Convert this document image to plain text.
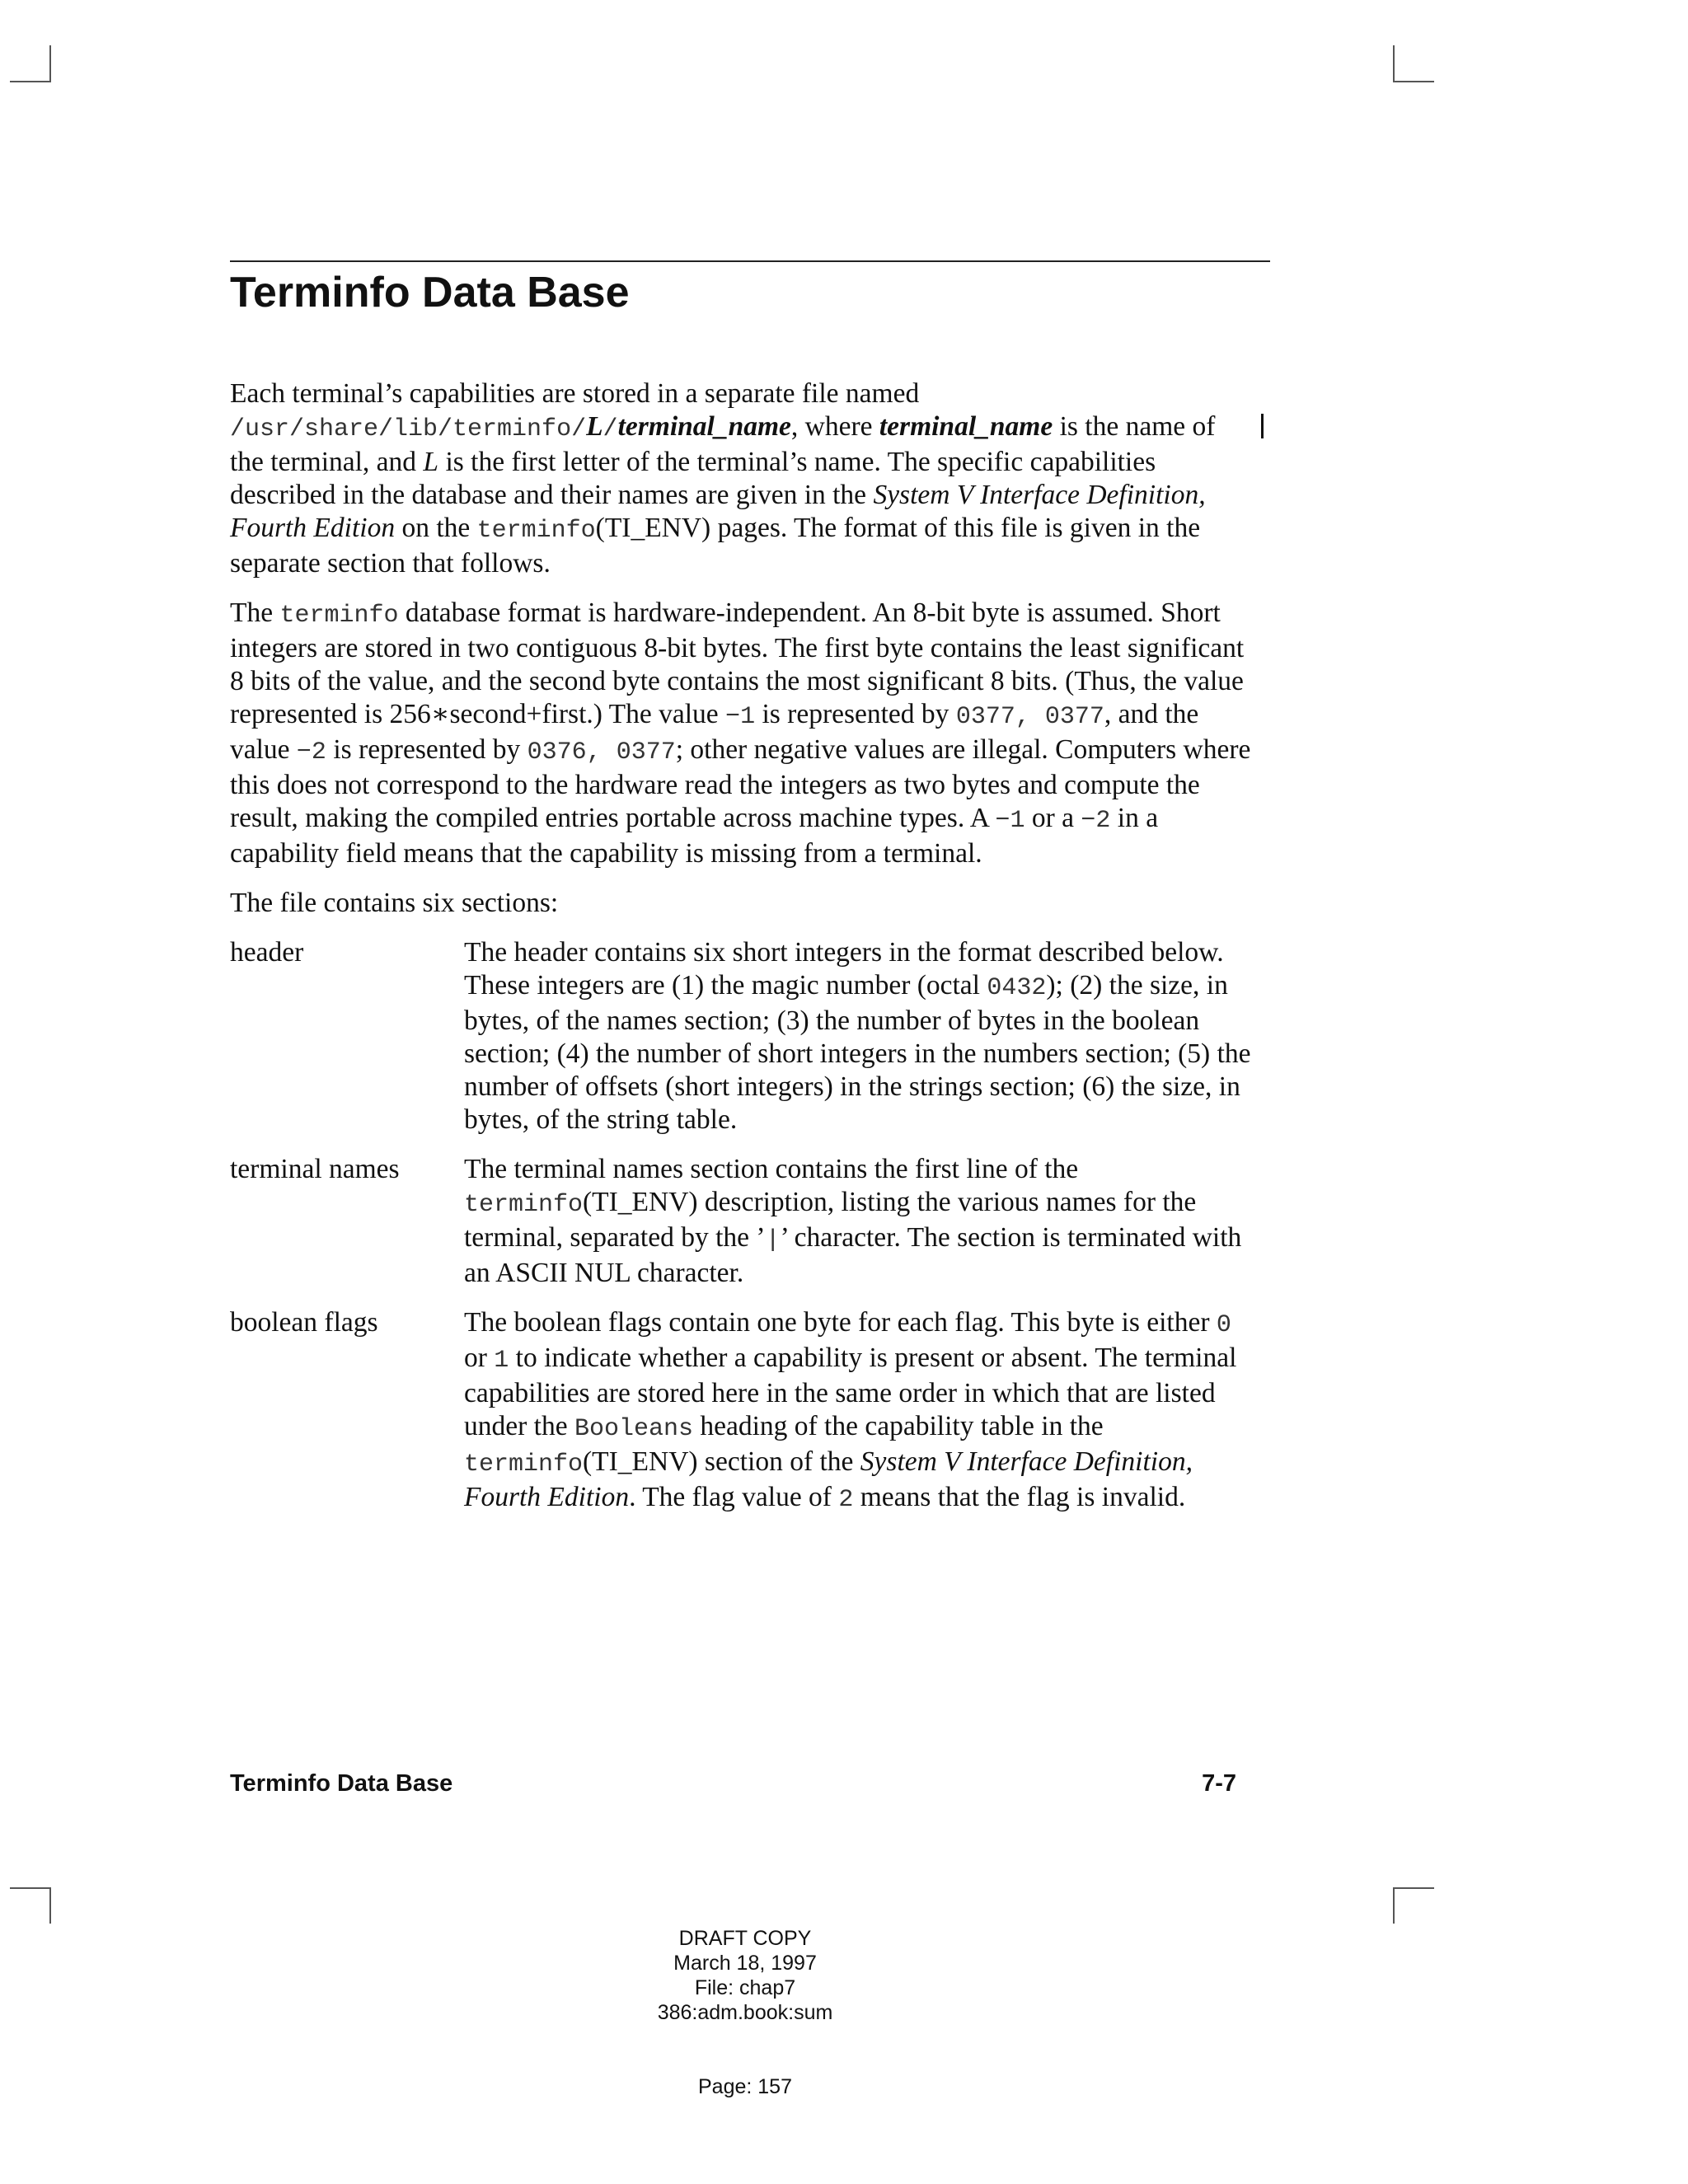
Terminfo Data Base

Each terminal’s capabilities are stored in a separate file named
/usr/share/lib/terminfo/L/terminal_name, where terminal_name is the name of the terminal, and L is the first letter of the terminal’s name. The specific capabilities described in the database and their names are given in the System V Interface Definition, Fourth Edition on the terminfo(TI_ENV) pages. The format of this file is given in the separate section that follows.

The terminfo database format is hardware-independent. An 8-bit byte is assumed. Short integers are stored in two contiguous 8-bit bytes. The first byte contains the least significant 8 bits of the value, and the second byte contains the most significant 8 bits. (Thus, the value represented is 256∗second+first.) The value −1 is represented by 0377, 0377, and the value −2 is represented by 0376, 0377; other negative values are illegal. Computers where this does not correspond to the hardware read the integers as two bytes and compute the result, making the compiled entries portable across machine types. A −1 or a −2 in a capability field means that the capability is missing from a terminal.

The file contains six sections:

header	The header contains six short integers in the format described below. These integers are (1) the magic number (octal 0432); (2) the size, in bytes, of the names section; (3) the number of bytes in the boolean section; (4) the number of short integers in the numbers section; (5) the number of offsets (short integers) in the strings section; (6) the size, in bytes, of the string table.
terminal names	The terminal names section contains the first line of the terminfo(TI_ENV) description, listing the various names for the terminal, separated by the ’|’ character. The section is terminated with an ASCII NUL character.
boolean flags	The boolean flags contain one byte for each flag. This byte is either 0 or 1 to indicate whether a capability is present or absent. The terminal capabilities are stored here in the same order in which that are listed under the Booleans heading of the capability table in the terminfo(TI_ENV) section of the System V Interface Definition, Fourth Edition. The flag value of 2 means that the flag is invalid.
Terminfo Data Base	7-7
DRAFT COPY
March 18, 1997
File: chap7
386:adm.book:sum
Page: 157
